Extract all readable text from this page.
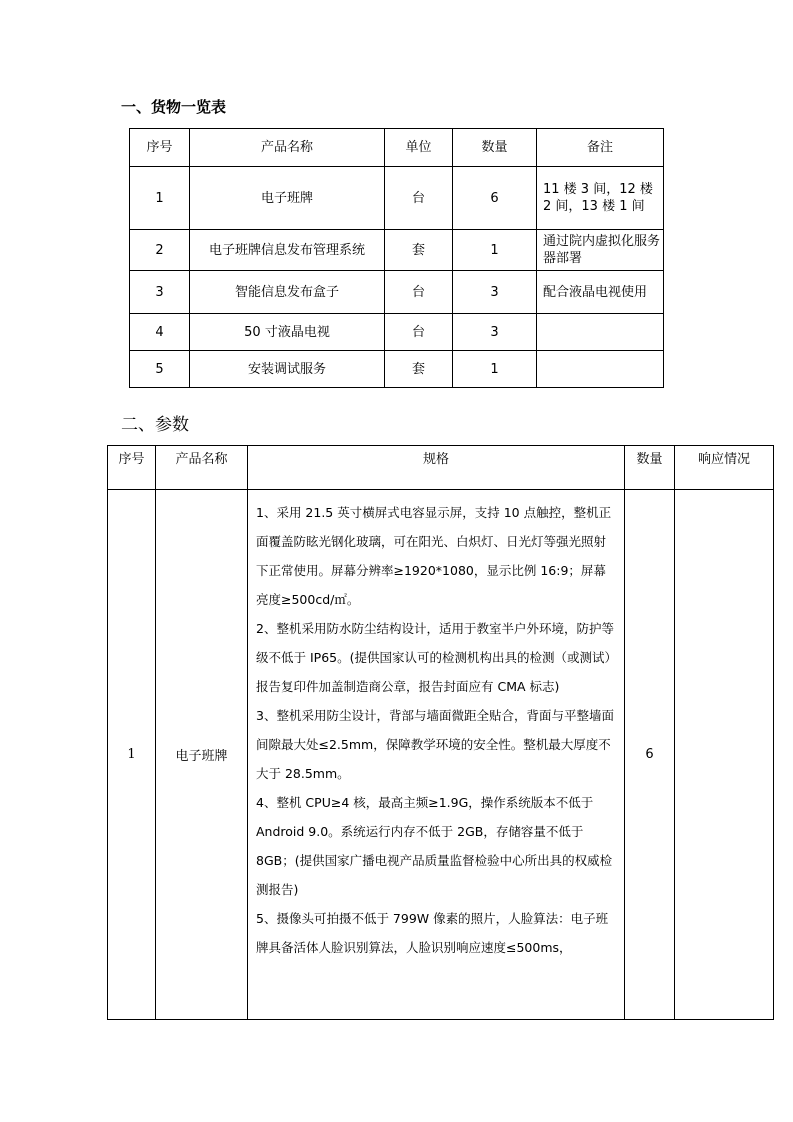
一、货物一览表
序号	产品名称	单位	数量	备注
1	电子班牌	台	6	11 楼 3 间，12 楼 2 间，13 楼 1 间
2	电子班牌信息发布管理系统	套	1	通过院内虚拟化服务器部署
3	智能信息发布盒子	台	3	配合液晶电视使用
4	50 寸液晶电视	台	3	
5	安装调试服务	套	1	
二、参数
序号	产品名称	规格	数量	响应情况
1	电子班牌	1、采用 21.5 英寸横屏式电容显示屏，支持 10 点触控，整机正面覆盖防眩光钢化玻璃，可在阳光、白炽灯、日光灯等强光照射下正常使用。屏幕分辨率≥1920*1080，显示比例 16:9；屏幕亮度≥500cd/㎡。

2、整机采用防水防尘结构设计，适用于教室半户外环境，防护等级不低于 IP65。(提供国家认可的检测机构出具的检测（或测试）报告复印件加盖制造商公章，报告封面应有 CMA 标志)

3、整机采用防尘设计，背部与墙面微距全贴合，背面与平整墙面间隙最大处≤2.5mm，保障教学环境的安全性。整机最大厚度不大于 28.5mm。

4、整机 CPU≥4 核，最高主频≥1.9G，操作系统版本不低于 Android 9.0。系统运行内存不低于 2GB，存储容量不低于 8GB；(提供国家广播电视产品质量监督检验中心所出具的权威检测报告)

5、摄像头可拍摄不低于 799W 像素的照片，人脸算法：电子班牌具备活体人脸识别算法，人脸识别响应速度≤500ms，	6	
